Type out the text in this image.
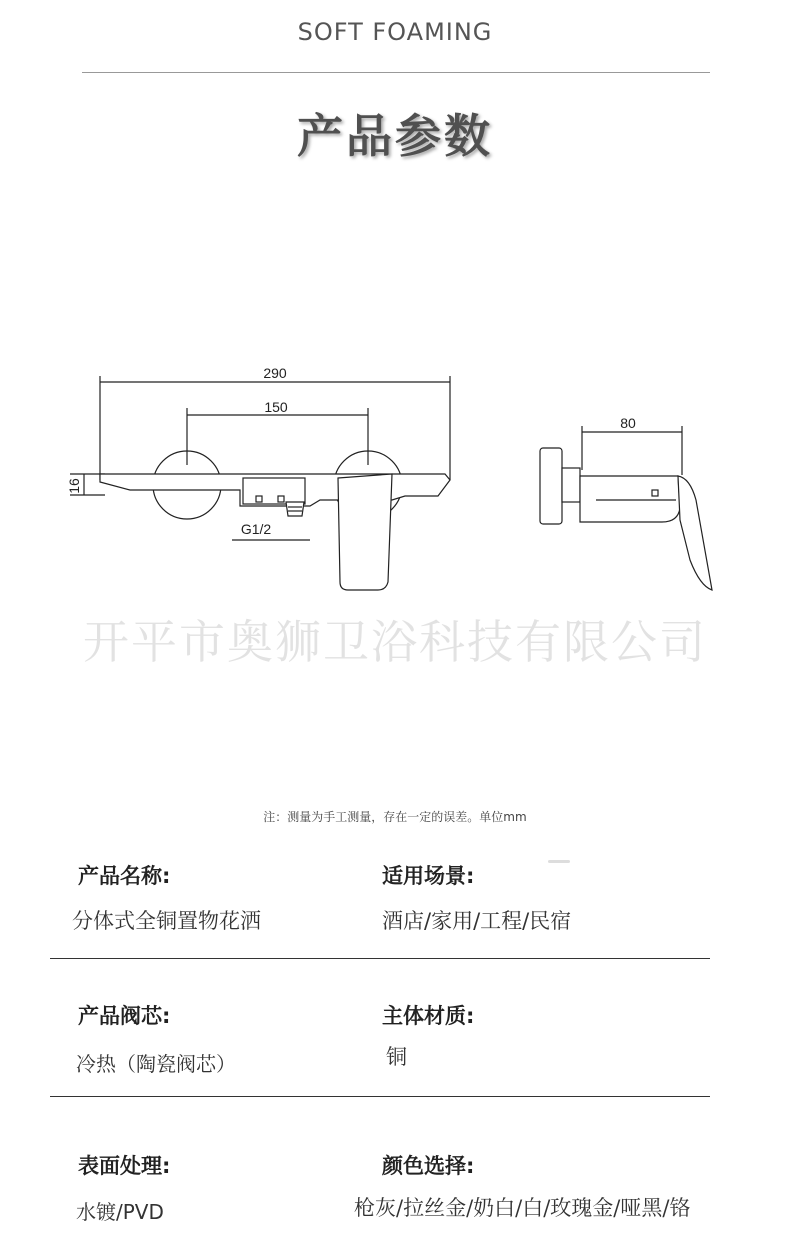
SOFT FOAMING
产品参数
290
150
16
G1/2
80
开平市奥狮卫浴科技有限公司
注：测量为手工测量，存在一定的误差。单位mm
产品名称:
分体式全铜置物花洒
适用场景:
酒店/家用/工程/民宿
产品阀芯:
冷热（陶瓷阀芯）
主体材质:
铜
表面处理:
水镀/PVD
颜色选择:
枪灰/拉丝金/奶白/白/玫瑰金/哑黑/铬
